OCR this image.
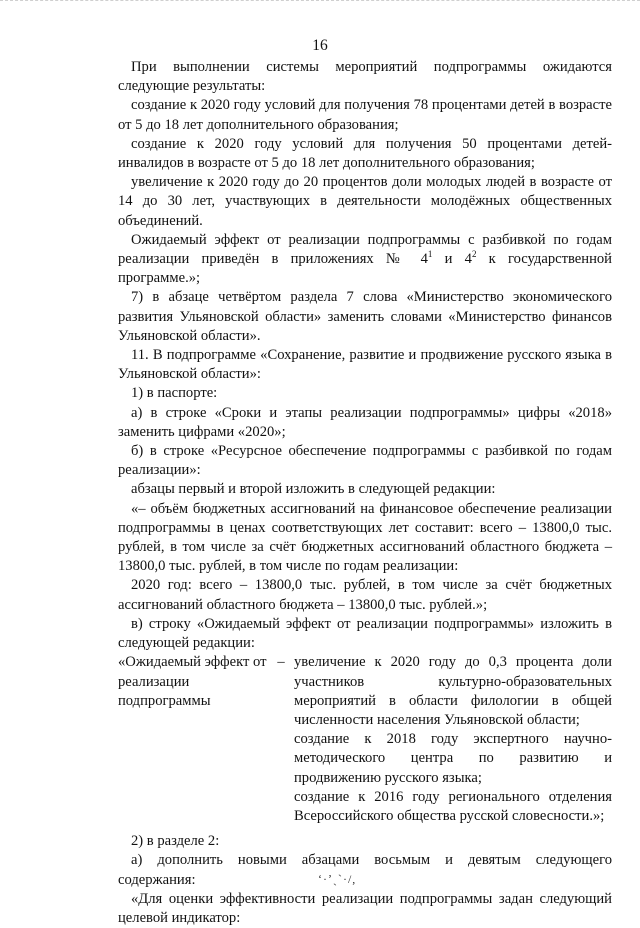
16

При выполнении системы мероприятий подпрограммы ожидаются следующие результаты:

создание к 2020 году условий для получения 78 процентами детей в возрасте от 5 до 18 лет дополнительного образования;

создание к 2020 году условий для получения 50 процентами детей-инвалидов в возрасте от 5 до 18 лет дополнительного образования;

увеличение к 2020 году до 20 процентов доли молодых людей в возрасте от 14 до 30 лет, участвующих в деятельности молодёжных общественных объединений.

Ожидаемый эффект от реализации подпрограммы с разбивкой по годам реализации приведён в приложениях № $4^1$ и $4^2$ к государственной программе.»;

7) в абзаце четвёртом раздела 7 слова «Министерство экономического развития Ульяновской области» заменить словами «Министерство финансов Ульяновской области».

11. В подпрограмме «Сохранение, развитие и продвижение русского языка в Ульяновской области»:

1) в паспорте:

а) в строке «Сроки и этапы реализации подпрограммы» цифры «2018» заменить цифрами «2020»;

б) в строке «Ресурсное обеспечение подпрограммы с разбивкой по годам реализации»:

абзацы первый и второй изложить в следующей редакции:

«– объём бюджетных ассигнований на финансовое обеспечение реализации подпрограммы в ценах соответствующих лет составит: всего – 13800,0 тыс. рублей, в том числе за счёт бюджетных ассигнований областного бюджета – 13800,0 тыс. рублей, в том числе по годам реализации:

2020 год: всего – 13800,0 тыс. рублей, в том числе за счёт бюджетных ассигнований областного бюджета – 13800,0 тыс. рублей.»;

в) строку «Ожидаемый эффект от реализации подпрограммы» изложить в следующей редакции:

«Ожидаемый эффект от реализации подпрограммы
– увеличение к 2020 году до 0,3 процента доли участников культурно-образовательных мероприятий в области филологии в общей численности населения Ульяновской области;

создание к 2018 году экспертного научно-методического центра по развитию и продвижению русского языка;

создание к 2016 году регионального отделения Всероссийского общества русской словесности.»;

2) в разделе 2:

а) дополнить новыми абзацами восьмым и девятым следующего содержания:

«Для оценки эффективности реализации подпрограммы задан следующий целевой индикатор:

ʻ·ʼˎˋ·/,
